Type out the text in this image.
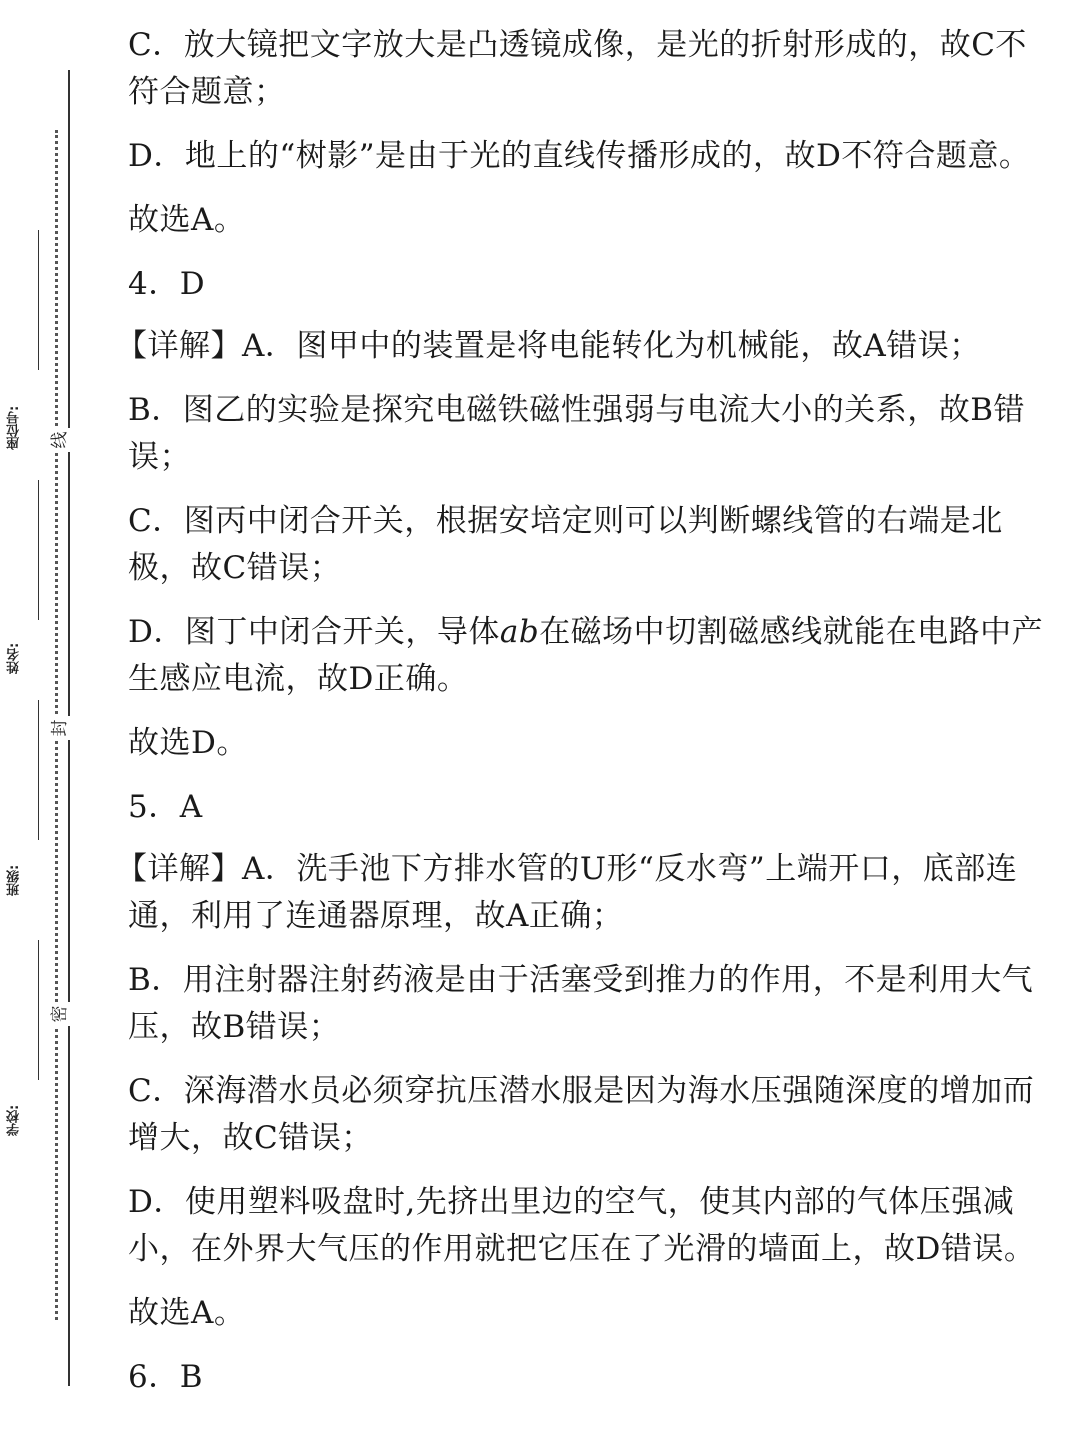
座位号:
姓名:
班级:
学校:
线
封
密

C．放大镜把文字放大是凸透镜成像，是光的折射形成的，故C不符合题意；

D．地上的“树影”是由于光的直线传播形成的，故D不符合题意。

故选A。

4．D

【详解】A．图甲中的装置是将电能转化为机械能，故A错误；

B．图乙的实验是探究电磁铁磁性强弱与电流大小的关系，故B错误；

C．图丙中闭合开关，根据安培定则可以判断螺线管的右端是北极，故C错误；

D．图丁中闭合开关，导体ab在磁场中切割磁感线就能在电路中产生感应电流，故D正确。

故选D。

5．A

【详解】A．洗手池下方排水管的U形“反水弯”上端开口，底部连通，利用了连通器原理，故A正确；

B．用注射器注射药液是由于活塞受到推力的作用，不是利用大气压，故B错误；

C．深海潜水员必须穿抗压潜水服是因为海水压强随深度的增加而增大，故C错误；

D．使用塑料吸盘时,先挤出里边的空气，使其内部的气体压强减小，在外界大气压的作用就把它压在了光滑的墙面上，故D错误。

故选A。

6．B
